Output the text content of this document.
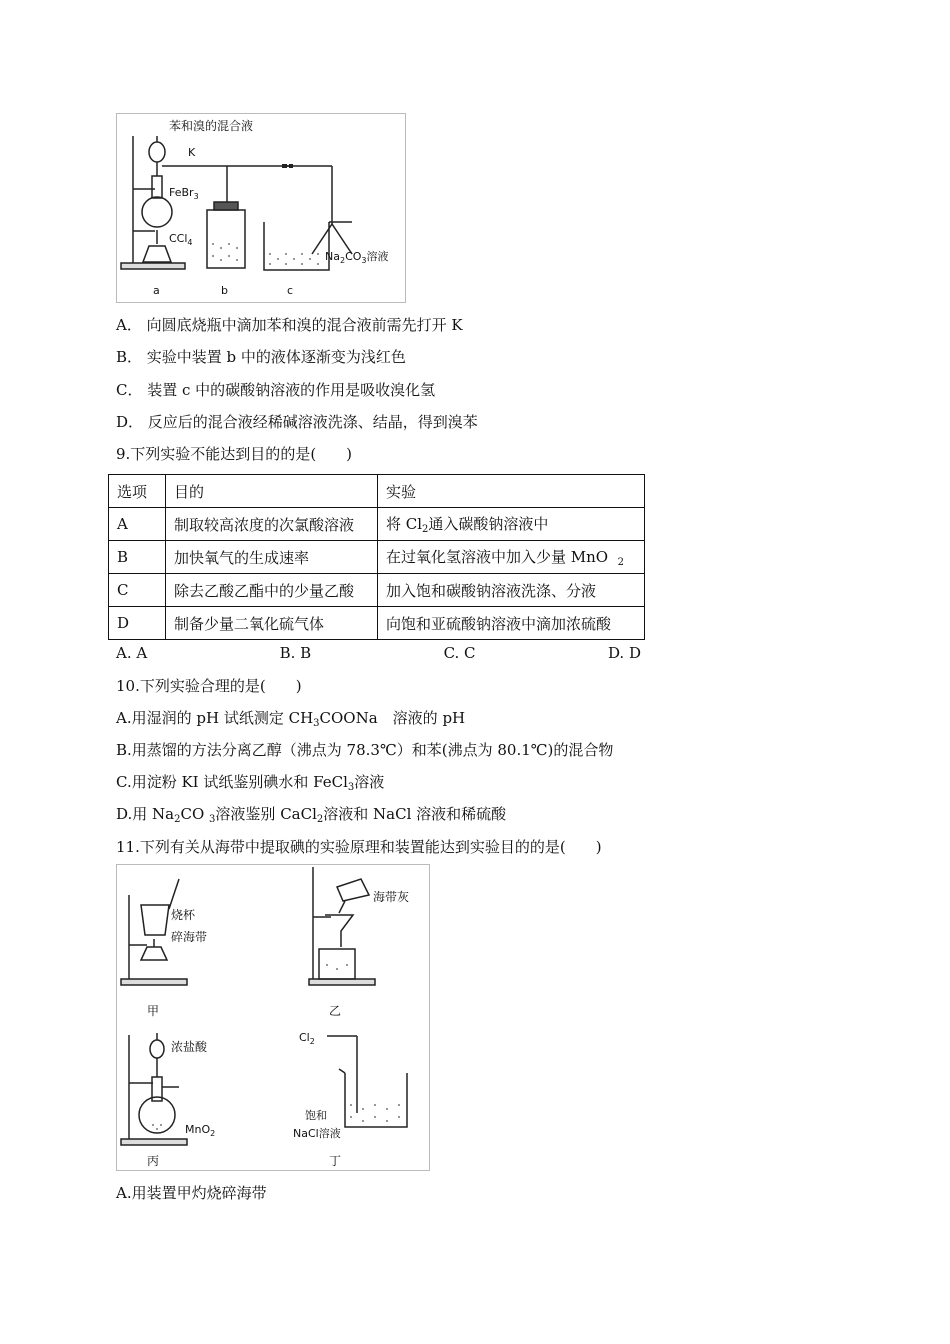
苯和溴的混合液
K
FeBr$_3$
CCl$_4$
$Na_2CO_3$溶液
a	b	c
A． 向圆底烧瓶中滴加苯和溴的混合液前需先打开 K
B． 实验中装置 b 中的液体逐渐变为浅红色
C． 装置 c 中的碳酸钠溶液的作用是吸收溴化氢
D． 反应后的混合液经稀碱溶液洗涤、结晶，得到溴苯
9.下列实验不能达到目的的是(　　)
选项	目的	实验
A	制取较高浓度的次氯酸溶液	将 $Cl_2$通入碳酸钠溶液中
B	加快氧气的生成速率	在过氧化氢溶液中加入少量 MnO $_2$
C	除去乙酸乙酯中的少量乙酸	加入饱和碳酸钠溶液洗涤、分液
D	制备少量二氧化硫气体	向饱和亚硫酸钠溶液中滴加浓硫酸
A. A	B. B	C. C	D. D
10.下列实验合理的是(　　)
A.用湿润的 pH 试纸测定 $CH_3COONa$　溶液的 pH
B.用蒸馏的方法分离乙醇（沸点为 78.3℃）和苯(沸点为 80.1℃)的混合物
C.用淀粉 KI 试纸鉴别碘水和 FeCl$_3$溶液
D.用 $Na_2CO$ $_3$溶液鉴别 CaCl$_2$溶液和 NaCl 溶液和稀硫酸
11.下列有关从海带中提取碘的实验原理和装置能达到实验目的的是(　　)
烧杯
碎海带
甲
海带灰
乙
浓盐酸
MnO$_2$
丙
$Cl_2$
饱和
NaCl溶液
丁
A.用装置甲灼烧碎海带
